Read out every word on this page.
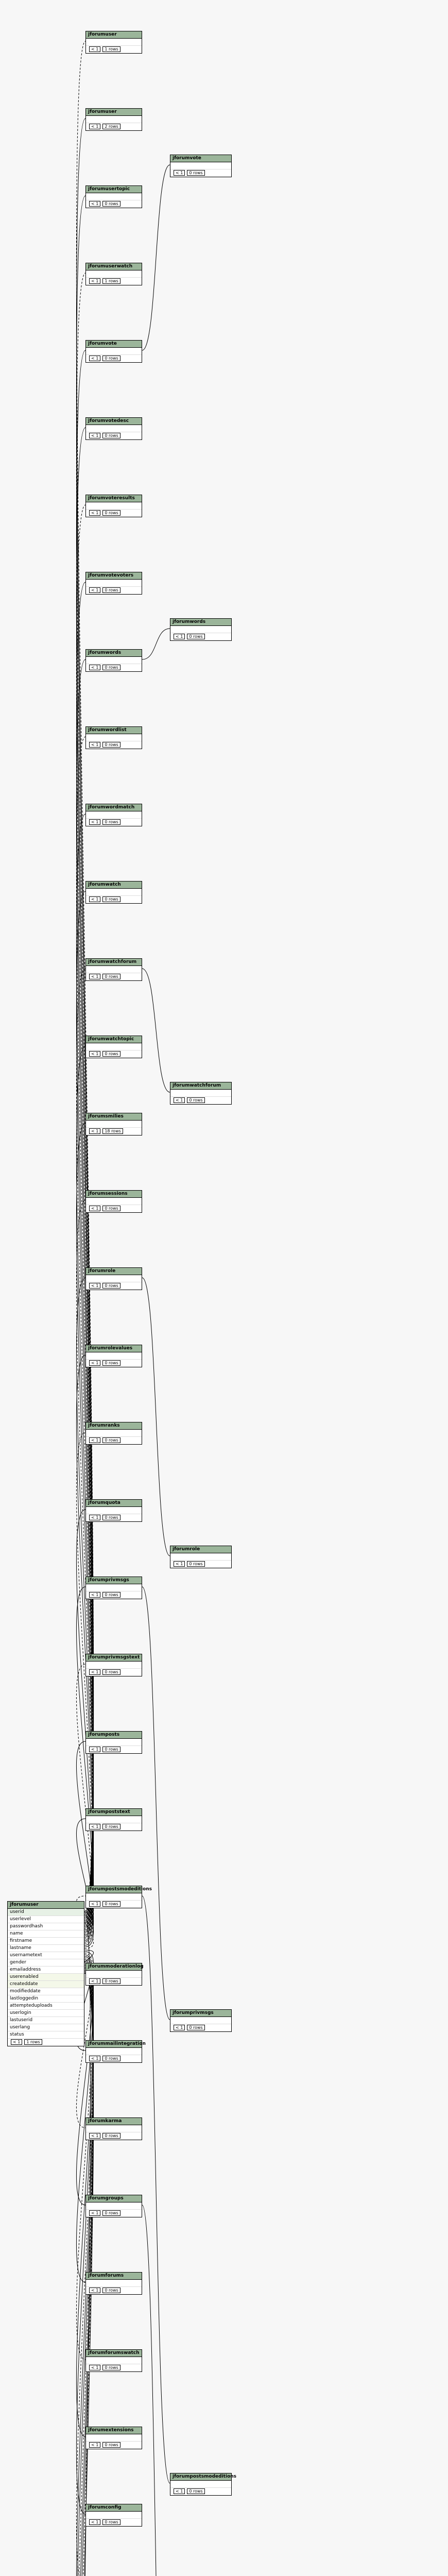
jforumuser
userid
userlevel
passwordhash
name
firstname
lastname
usernametext
gender
emailaddress
userenabled
createddate
modifieddate
lastloggedin
attempteduploads
userlogin
lastuserid
userlang
status
< 1 1 rows
jforumuser
< 1 1 rows
jforumuser
< 1 2 rows
jforumusertopic
< 1 0 rows
jforumuserwatch
< 1 1 rows
jforumvote
< 1 0 rows
jforumvotedesc
< 1 0 rows
jforumvoteresults
< 1 0 rows
jforumvotevoters
< 1 0 rows
jforumwords
< 1 0 rows
jforumwordlist
< 1 0 rows
jforumwordmatch
< 1 0 rows
jforumwatch
< 1 0 rows
jforumwatchforum
< 1 0 rows
jforumwatchtopic
< 1 0 rows
jforumsmilies
< 1 18 rows
jforumsessions
< 1 0 rows
jforumrole
< 1 0 rows
jforumrolevalues
< 1 0 rows
jforumranks
< 1 0 rows
jforumquota
< 1 0 rows
jforumprivmsgs
< 1 0 rows
jforumprivmsgstext
< 1 0 rows
jforumposts
< 1 0 rows
jforumpoststext
< 1 0 rows
jforumpostsmodeditions
< 1 0 rows
jforummoderationlog
< 1 0 rows
jforummailintegration
< 1 0 rows
jforumkarma
< 1 0 rows
jforumgroups
< 1 0 rows
jforumforums
< 1 0 rows
jforumforumswatch
< 1 0 rows
jforumextensions
< 1 0 rows
jforumconfig
< 1 0 rows
jforumvote
< 1 0 rows
jforumwords
< 1 0 rows
jforumwatchforum
< 1 0 rows
jforumrole
< 1 0 rows
jforumprivmsgs
< 1 0 rows
jforumpostsmodeditions
< 1 0 rows
